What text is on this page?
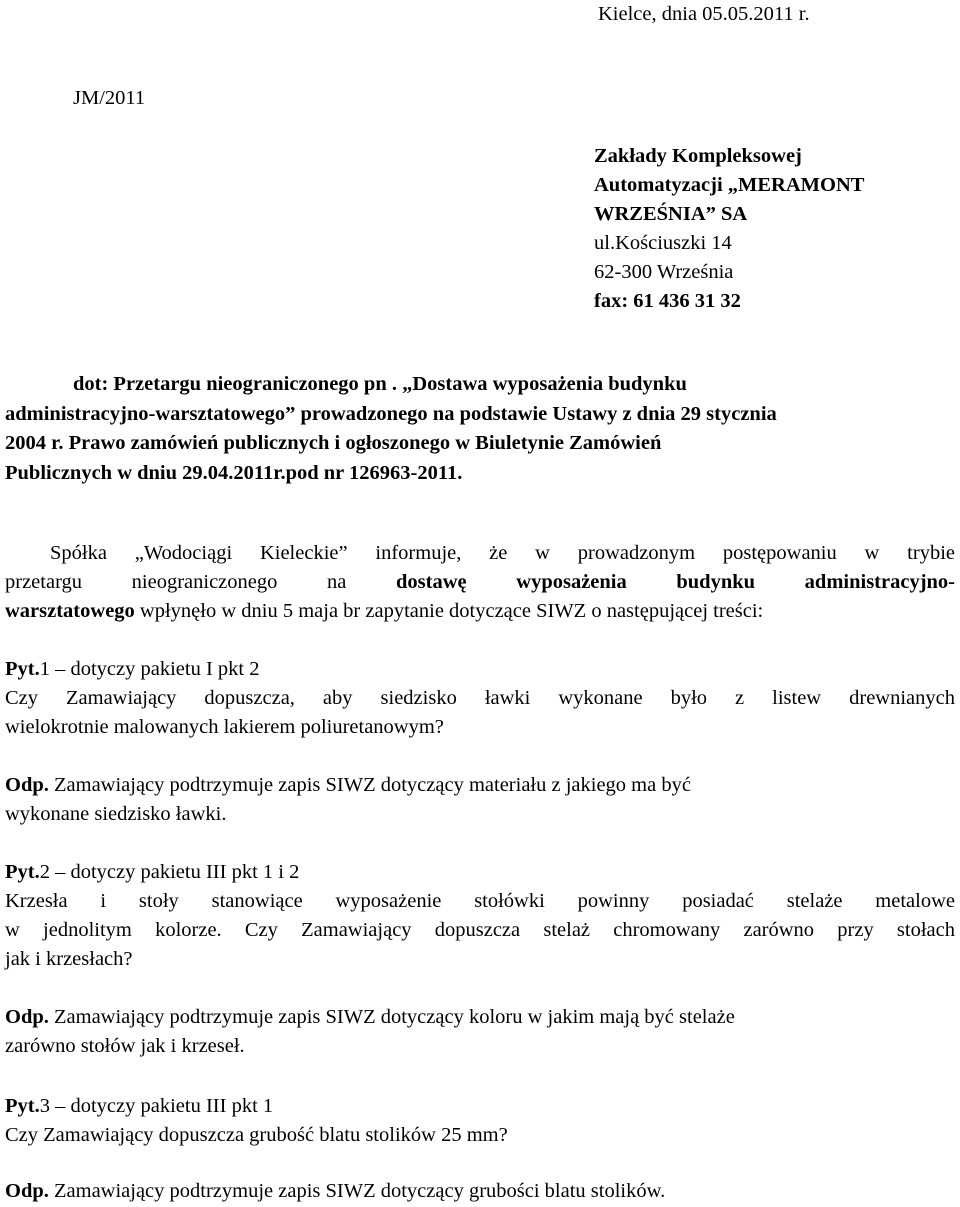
Kielce, dnia 05.05.2011 r.
JM/2011
Zakłady Kompleksowej
Automatyzacji „MERAMONT
WRZEŚNIA” SA
ul.Kościuszki 14
62-300 Września
fax: 61 436 31 32
dot: Przetargu nieograniczonego pn . „Dostawa wyposażenia budynku
administracyjno-warsztatowego” prowadzonego na podstawie Ustawy z dnia 29 stycznia
2004 r. Prawo zamówień publicznych i ogłoszonego w Biuletynie Zamówień
Publicznych w dniu 29.04.2011r.pod nr 126963-2011.
Spółka „Wodociągi Kieleckie” informuje, że w prowadzonym postępowaniu w trybie
przetargu nieograniczonego na dostawę wyposażenia budynku administracyjno-
warsztatowego wpłynęło w dniu 5 maja br zapytanie dotyczące SIWZ o następującej treści:
Pyt.1 – dotyczy pakietu I pkt 2
Czy Zamawiający dopuszcza, aby siedzisko ławki wykonane było z listew drewnianych
wielokrotnie malowanych lakierem poliuretanowym?
Odp. Zamawiający podtrzymuje zapis SIWZ dotyczący materiału z jakiego ma być
wykonane siedzisko ławki.
Pyt.2 – dotyczy pakietu III pkt 1 i 2
Krzesła i stoły stanowiące wyposażenie stołówki powinny posiadać stelaże metalowe
w jednolitym kolorze. Czy Zamawiający dopuszcza stelaż chromowany zarówno przy stołach
jak i krzesłach?
Odp. Zamawiający podtrzymuje zapis SIWZ dotyczący koloru w jakim mają być stelaże
zarówno stołów jak i krzeseł.
Pyt.3 – dotyczy pakietu III pkt 1
Czy Zamawiający dopuszcza grubość blatu stolików 25 mm?
Odp. Zamawiający podtrzymuje zapis SIWZ dotyczący grubości blatu stolików.
